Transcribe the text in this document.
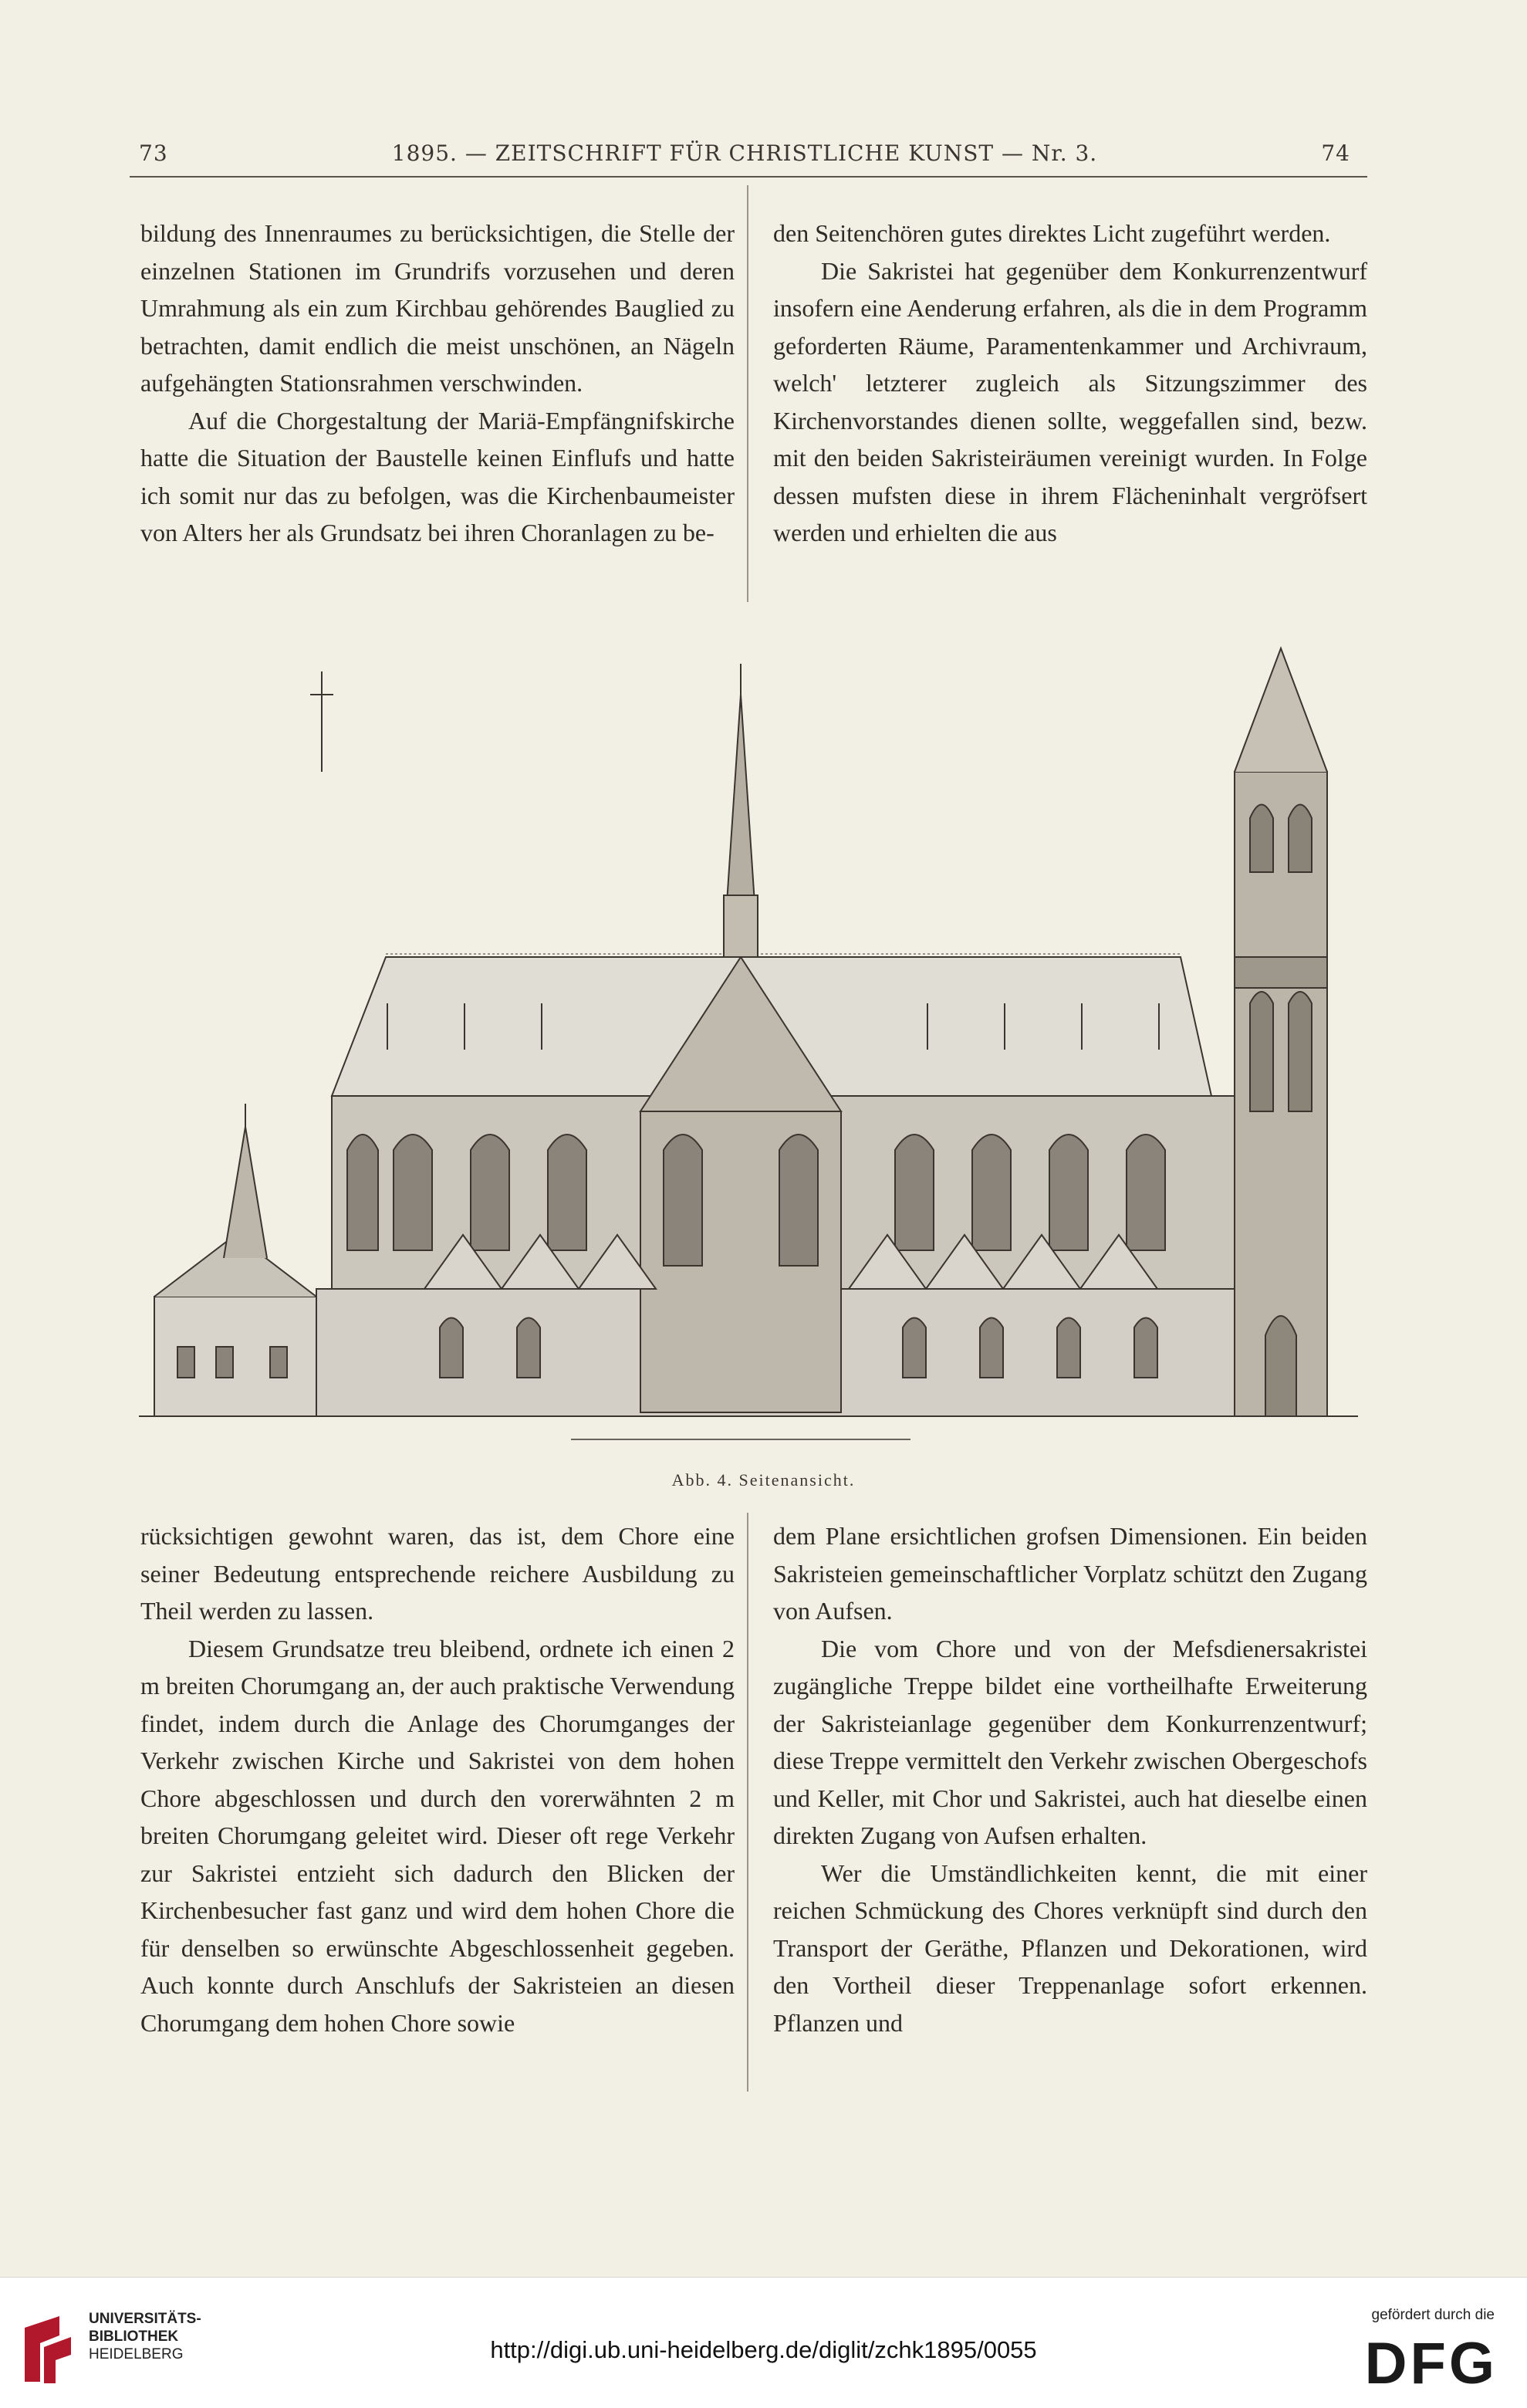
73	1895. — ZEITSCHRIFT FÜR CHRISTLICHE KUNST — Nr. 3.	74

bildung des Innenraumes zu berücksichtigen, die Stelle der einzelnen Stationen im Grundrifs vorzusehen und deren Umrahmung als ein zum Kirchbau gehörendes Bauglied zu betrachten, damit endlich die meist unschönen, an Nägeln aufgehängten Stationsrahmen verschwinden.

Auf die Chorgestaltung der Mariä-Empfängnifskirche hatte die Situation der Baustelle keinen Einflufs und hatte ich somit nur das zu befolgen, was die Kirchenbaumeister von Alters her als Grundsatz bei ihren Choranlagen zu be-

den Seitenchören gutes direktes Licht zugeführt werden.

Die Sakristei hat gegenüber dem Konkurrenzentwurf insofern eine Aenderung erfahren, als die in dem Programm geforderten Räume, Paramentenkammer und Archivraum, welch' letzterer zugleich als Sitzungszimmer des Kirchenvorstandes dienen sollte, weggefallen sind, bezw. mit den beiden Sakristeiräumen vereinigt wurden. In Folge dessen mufsten diese in ihrem Flächeninhalt vergröfsert werden und erhielten die aus

Abb. 4. Seitenansicht.

rücksichtigen gewohnt waren, das ist, dem Chore eine seiner Bedeutung entsprechende reichere Ausbildung zu Theil werden zu lassen.

Diesem Grundsatze treu bleibend, ordnete ich einen 2 m breiten Chorumgang an, der auch praktische Verwendung findet, indem durch die Anlage des Chorumganges der Verkehr zwischen Kirche und Sakristei von dem hohen Chore abgeschlossen und durch den vorerwähnten 2 m breiten Chorumgang geleitet wird. Dieser oft rege Verkehr zur Sakristei entzieht sich dadurch den Blicken der Kirchenbesucher fast ganz und wird dem hohen Chore die für denselben so erwünschte Abgeschlossenheit gegeben. Auch konnte durch Anschlufs der Sakristeien an diesen Chorumgang dem hohen Chore sowie

dem Plane ersichtlichen grofsen Dimensionen. Ein beiden Sakristeien gemeinschaftlicher Vorplatz schützt den Zugang von Aufsen.

Die vom Chore und von der Mefsdienersakristei zugängliche Treppe bildet eine vortheilhafte Erweiterung der Sakristeianlage gegenüber dem Konkurrenzentwurf; diese Treppe vermittelt den Verkehr zwischen Obergeschofs und Keller, mit Chor und Sakristei, auch hat dieselbe einen direkten Zugang von Aufsen erhalten.

Wer die Umständlichkeiten kennt, die mit einer reichen Schmückung des Chores verknüpft sind durch den Transport der Geräthe, Pflanzen und Dekorationen, wird den Vortheil dieser Treppenanlage sofort erkennen. Pflanzen und

UNIVERSITÄTS-
BIBLIOTHEK
HEIDELBERG	http://digi.ub.uni-heidelberg.de/diglit/zchk1895/0055
gefördert durch die
DFG
